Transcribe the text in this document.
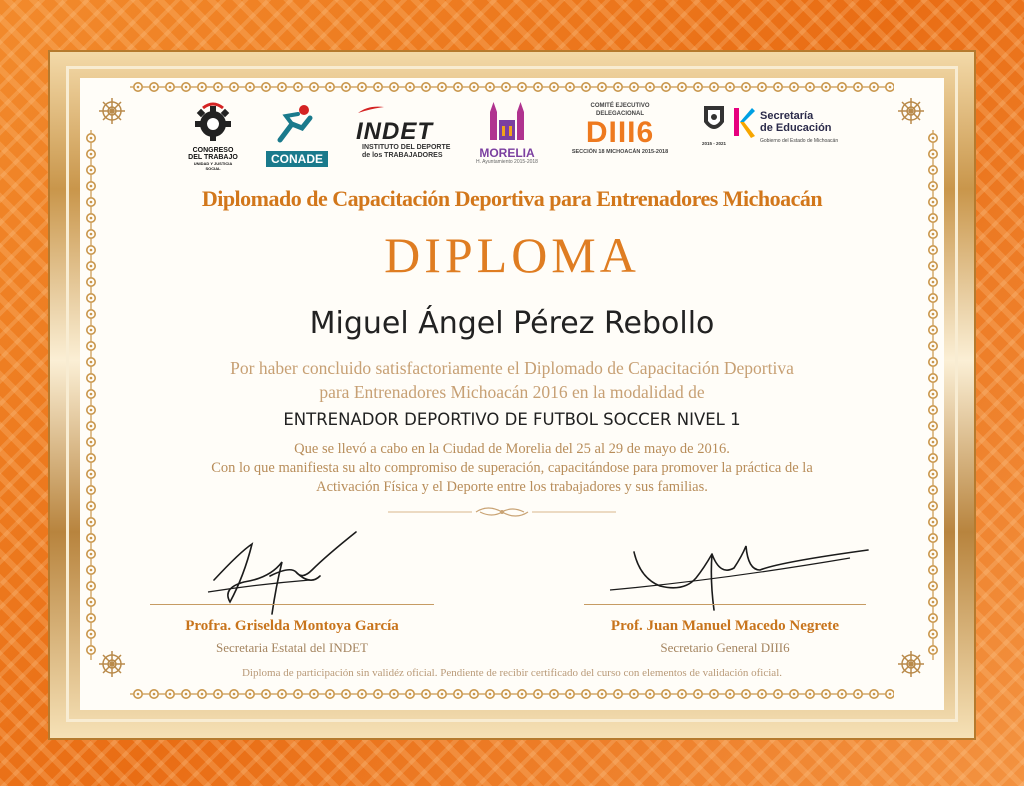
CONGRESO
DEL TRABAJO
UNIDAD Y JUSTICIA SOCIAL
CONADE
INDET
INSTITUTO DEL DEPORTE
de los TRABAJADORES	MORELIA
H. Ayuntamiento 2015-2018
COMITÉ EJECUTIVO DELEGACIONAL
DIII6
SECCIÓN 18 MICHOACÁN 2015-2018
2015 - 2021
Secretaría
de Educación
Gobierno del Estado de Michoacán
Diplomado de Capacitación Deportiva para Entrenadores Michoacán
DIPLOMA
Miguel Ángel Pérez Rebollo
Por haber concluido satisfactoriamente el Diplomado de Capacitación Deportiva
para Entrenadores Michoacán 2016 en la modalidad de
ENTRENADOR DEPORTIVO DE FUTBOL SOCCER NIVEL 1
Que se llevó a cabo en la Ciudad de Morelia del 25 al 29 de mayo de 2016.
Con lo que manifiesta su alto compromiso de superación, capacitándose para promover la práctica de la
Activación Física y el Deporte entre los trabajadores y sus familias.
Profra. Griselda Montoya García
Secretaria Estatal del INDET
Prof. Juan Manuel Macedo Negrete
Secretario General DIII6
Diploma de participación sin validéz oficial. Pendiente de recibir certificado del curso con elementos de validación oficial.
